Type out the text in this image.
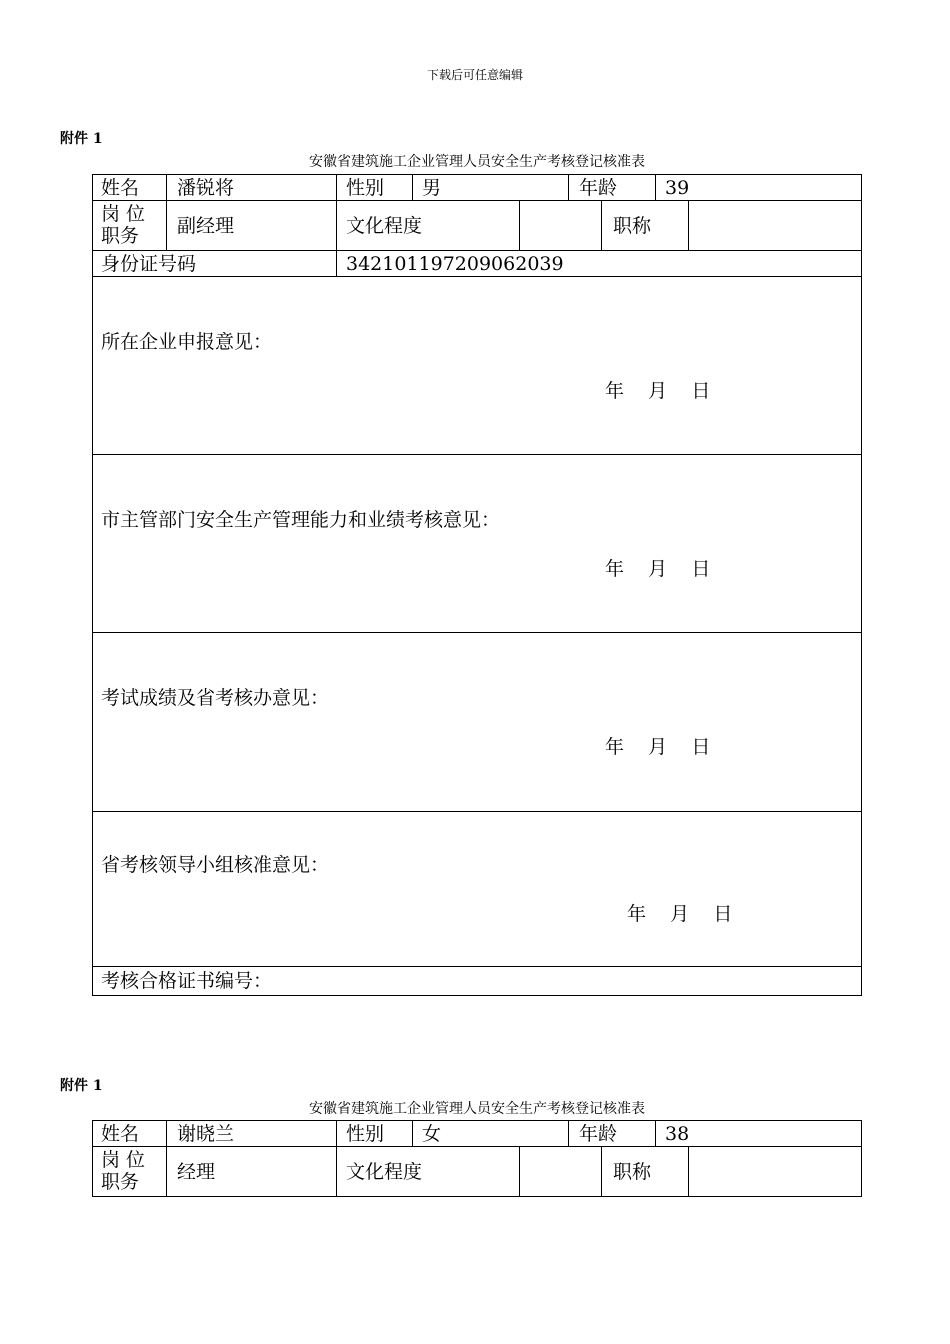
下载后可任意编辑
附件 1
安徽省建筑施工企业管理人员安全生产考核登记核准表
姓名 潘锐将	性别 男	年龄	39
岗 位
职务 副经理	文化程度	职称
身份证号码	342101197209062039
所在企业申报意见：
年    月    日
市主管部门安全生产管理能力和业绩考核意见：
年    月    日
考试成绩及省考核办意见：
年    月    日
省考核领导小组核准意见：
年    月    日
考核合格证书编号：
附件 1
安徽省建筑施工企业管理人员安全生产考核登记核准表
姓名 谢晓兰	性别 女	年龄	38
岗 位
职务 经理	文化程度	职称
